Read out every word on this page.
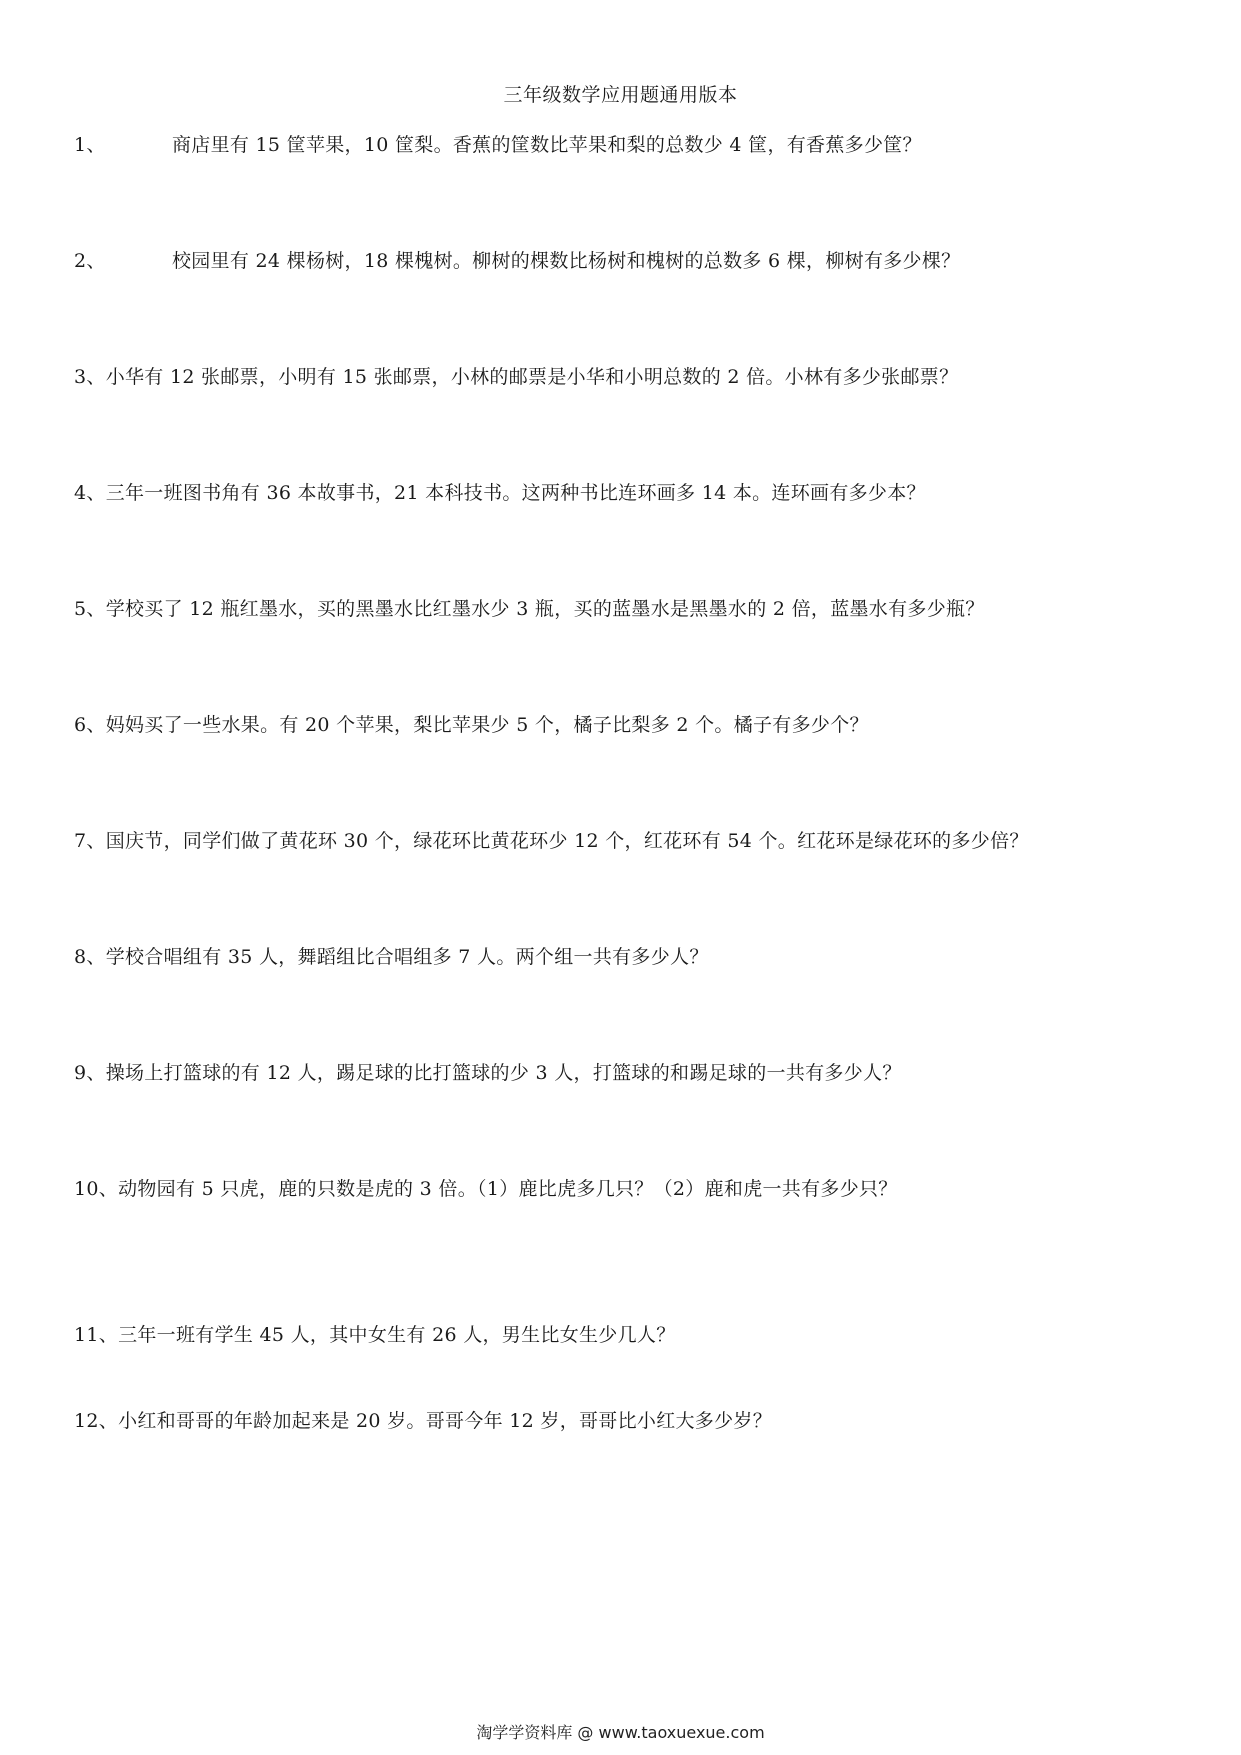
三年级数学应用题通用版本
1、	商店里有 15 筐苹果，10 筐梨。香蕉的筐数比苹果和梨的总数少 4 筐，有香蕉多少筐？
2、	校园里有 24 棵杨树，18 棵槐树。柳树的棵数比杨树和槐树的总数多 6 棵，柳树有多少棵？
3、小华有 12 张邮票，小明有 15 张邮票，小林的邮票是小华和小明总数的 2 倍。小林有多少张邮票？
4、三年一班图书角有 36 本故事书，21 本科技书。这两种书比连环画多 14 本。连环画有多少本？
5、学校买了 12 瓶红墨水，买的黑墨水比红墨水少 3 瓶，买的蓝墨水是黑墨水的 2 倍，蓝墨水有多少瓶？
6、妈妈买了一些水果。有 20 个苹果，梨比苹果少 5 个，橘子比梨多 2 个。橘子有多少个？
7、国庆节，同学们做了黄花环 30 个，绿花环比黄花环少 12 个，红花环有 54 个。红花环是绿花环的多少倍？
8、学校合唱组有 35 人，舞蹈组比合唱组多 7 人。两个组一共有多少人？
9、操场上打篮球的有 12 人，踢足球的比打篮球的少 3 人，打篮球的和踢足球的一共有多少人？
10、动物园有 5 只虎，鹿的只数是虎的 3 倍。（1）鹿比虎多几只？（2）鹿和虎一共有多少只？
11、三年一班有学生 45 人，其中女生有 26 人，男生比女生少几人？
12、小红和哥哥的年龄加起来是 20 岁。哥哥今年 12 岁，哥哥比小红大多少岁？
淘学学资料库 @ www.taoxuexue.com
